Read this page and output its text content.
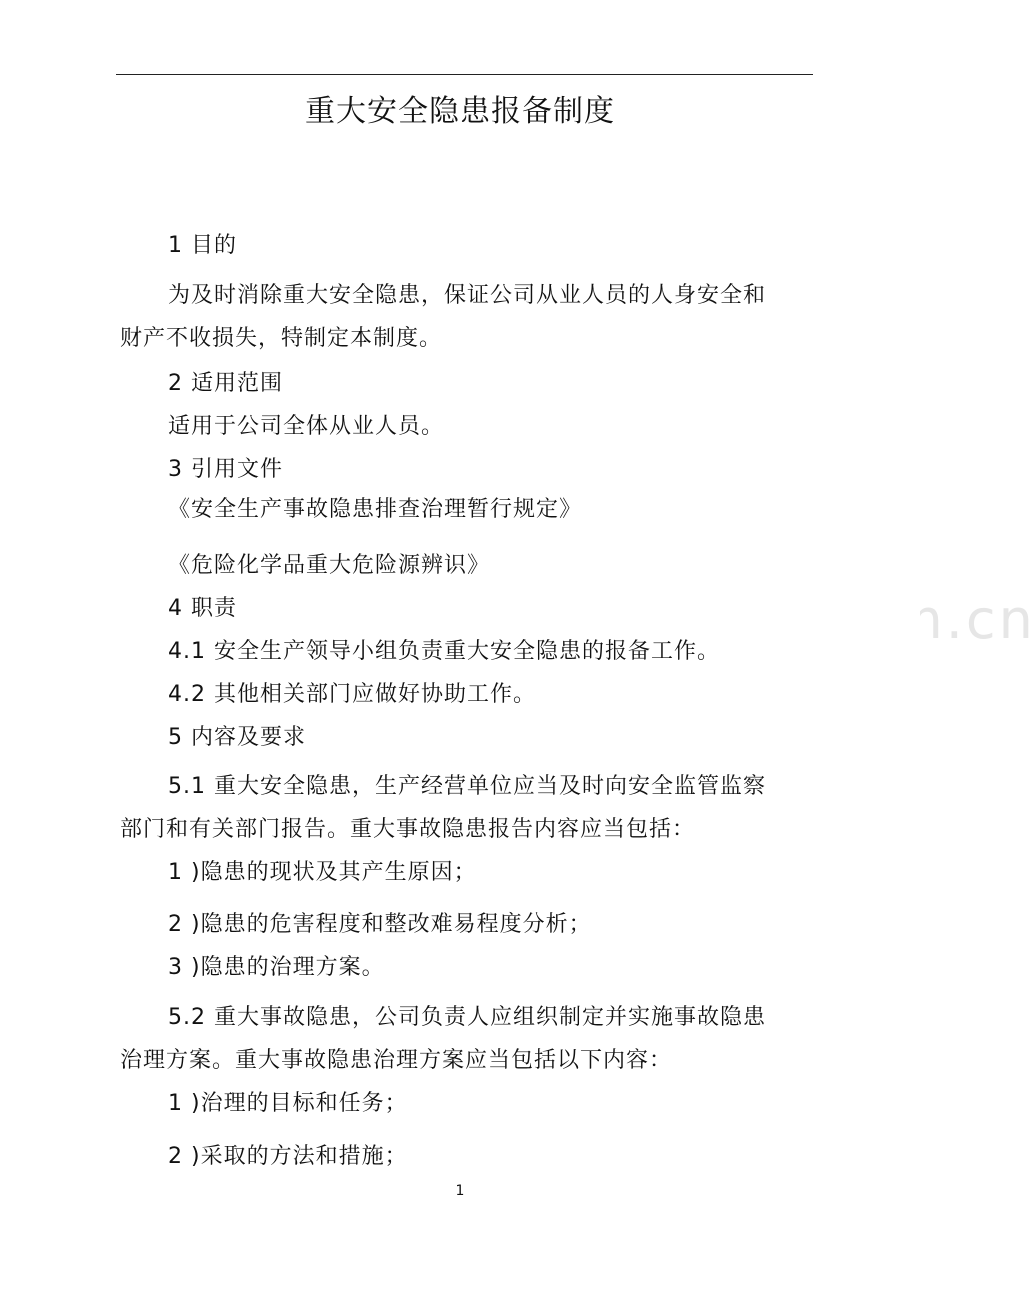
重大安全隐患报备制度
www.zixin.com.cn
1 目的
为及时消除重大安全隐患，保证公司从业人员的人身安全和
财产不收损失，特制定本制度。
2 适用范围
适用于公司全体从业人员。
3 引用文件
《安全生产事故隐患排查治理暂行规定》
《危险化学品重大危险源辨识》
4 职责
4.1 安全生产领导小组负责重大安全隐患的报备工作。
4.2 其他相关部门应做好协助工作。
5 内容及要求
5.1 重大安全隐患，生产经营单位应当及时向安全监管监察
部门和有关部门报告。重大事故隐患报告内容应当包括：
1 )隐患的现状及其产生原因；
2 )隐患的危害程度和整改难易程度分析；
3 )隐患的治理方案。
5.2 重大事故隐患，公司负责人应组织制定并实施事故隐患
治理方案。重大事故隐患治理方案应当包括以下内容：
1 )治理的目标和任务；
2 )采取的方法和措施；
1
